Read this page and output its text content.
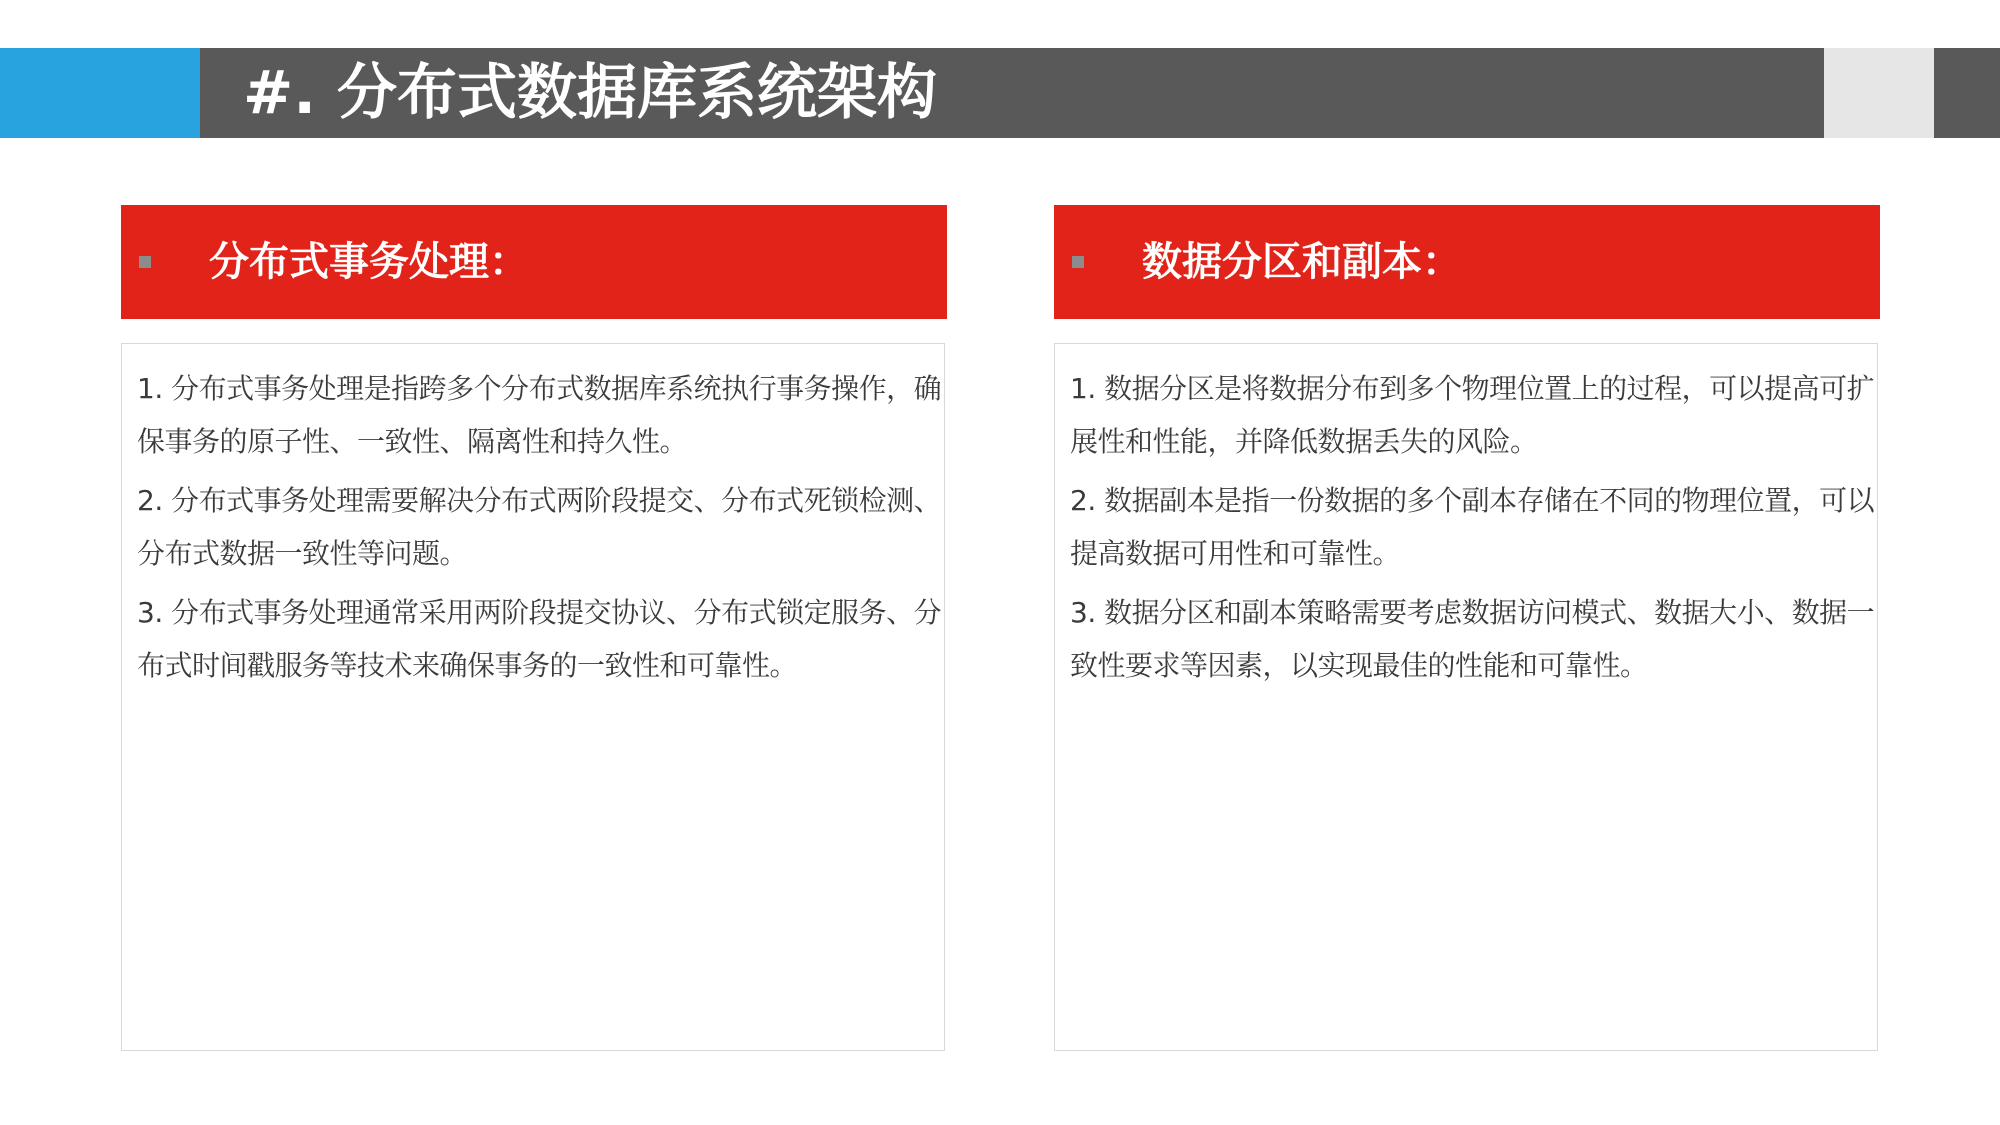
#. 分布式数据库系统架构
分布式事务处理：
1. 分布式事务处理是指跨多个分布式数据库系统执行事务操作，确保事务的原子性、一致性、隔离性和持久性。
2. 分布式事务处理需要解决分布式两阶段提交、分布式死锁检测、分布式数据一致性等问题。
3. 分布式事务处理通常采用两阶段提交协议、分布式锁定服务、分布式时间戳服务等技术来确保事务的一致性和可靠性。
数据分区和副本：
1. 数据分区是将数据分布到多个物理位置上的过程，可以提高可扩展性和性能，并降低数据丢失的风险。
2. 数据副本是指一份数据的多个副本存储在不同的物理位置，可以提高数据可用性和可靠性。
3. 数据分区和副本策略需要考虑数据访问模式、数据大小、数据一致性要求等因素，以实现最佳的性能和可靠性。
